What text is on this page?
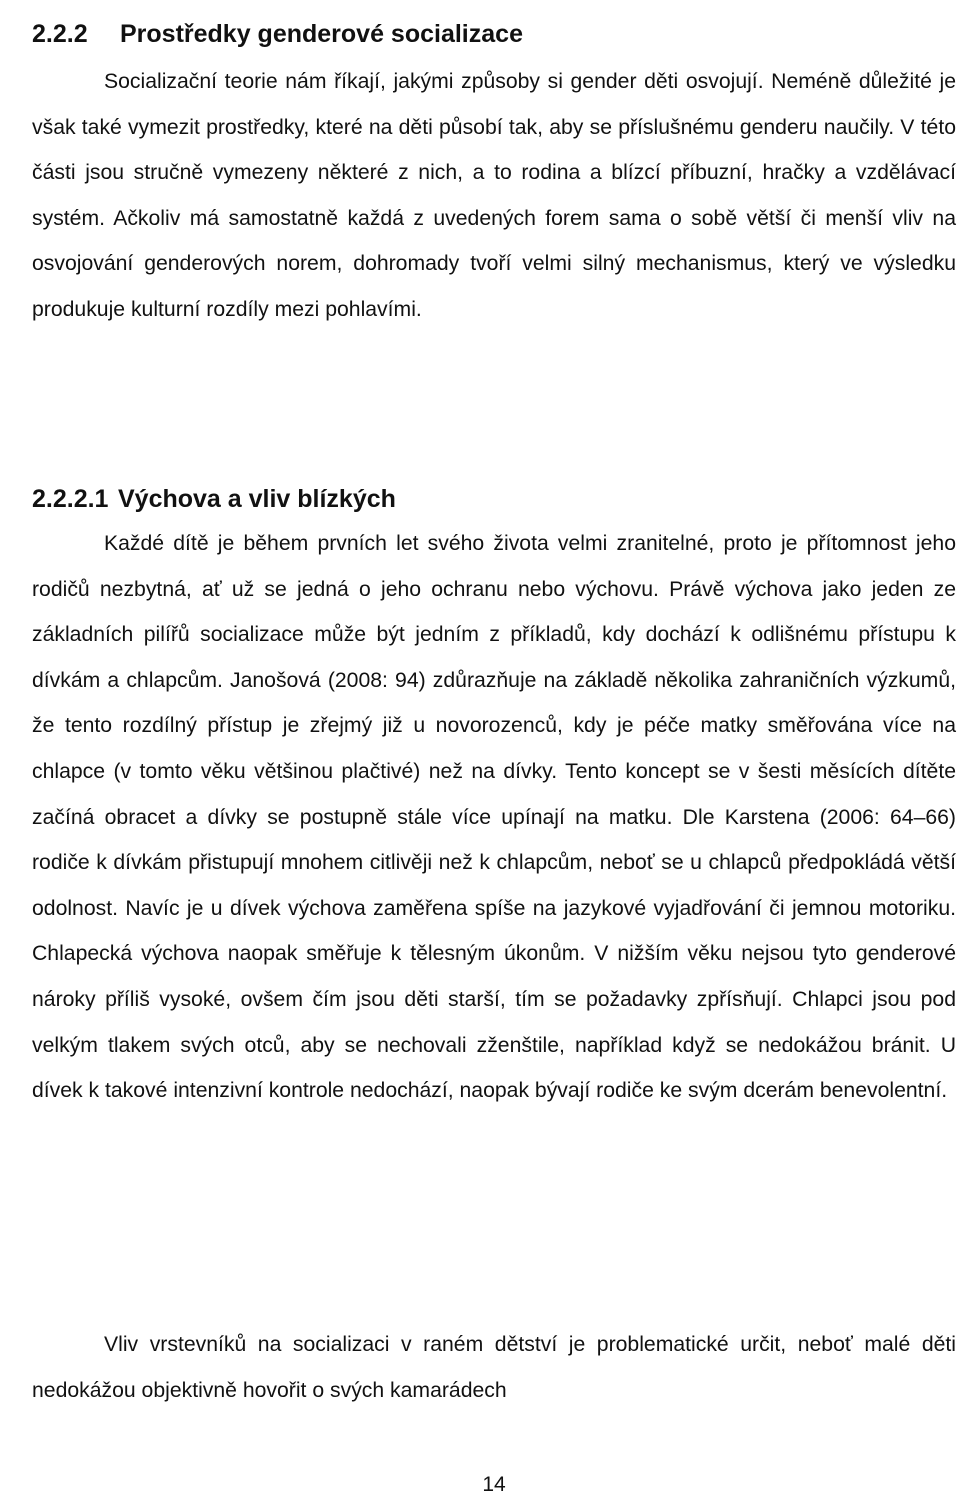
2.2.2 Prostředky genderové socializace

Socializační teorie nám říkají, jakými způsoby si gender děti osvojují. Neméně důležité je však také vymezit prostředky, které na děti působí tak, aby se příslušnému genderu naučily. V této části jsou stručně vymezeny některé z nich, a to rodina a blízcí příbuzní, hračky a vzdělávací systém. Ačkoliv má samostatně každá z uvedených forem sama o sobě větší či menší vliv na osvojování genderových norem, dohromady tvoří velmi silný mechanismus, který ve výsledku produkuje kulturní rozdíly mezi pohlavími.

2.2.2.1 Výchova a vliv blízkých

Každé dítě je během prvních let svého života velmi zranitelné, proto je přítomnost jeho rodičů nezbytná, ať už se jedná o jeho ochranu nebo výchovu. Právě výchova jako jeden ze základních pilířů socializace může být jedním z příkladů, kdy dochází k odlišnému přístupu k dívkám a chlapcům. Janošová (2008: 94) zdůrazňuje na základě několika zahraničních výzkumů, že tento rozdílný přístup je zřejmý již u novorozenců, kdy je péče matky směřována více na chlapce (v tomto věku většinou plačtivé) než na dívky. Tento koncept se v šesti měsících dítěte začíná obracet a dívky se postupně stále více upínají na matku. Dle Karstena (2006: 64–66) rodiče k dívkám přistupují mnohem citlivěji než k chlapcům, neboť se u chlapců předpokládá větší odolnost. Navíc je u dívek výchova zaměřena spíše na jazykové vyjadřování či jemnou motoriku. Chlapecká výchova naopak směřuje k tělesným úkonům. V nižším věku nejsou tyto genderové nároky příliš vysoké, ovšem čím jsou děti starší, tím se požadavky zpřísňují. Chlapci jsou pod velkým tlakem svých otců, aby se nechovali zženštile, například když se nedokážou bránit. U dívek k takové intenzivní kontrole nedochází, naopak bývají rodiče ke svým dcerám benevolentní.

Vliv vrstevníků na socializaci v raném dětství je problematické určit, neboť malé děti nedokážou objektivně hovořit o svých kamarádech

14
